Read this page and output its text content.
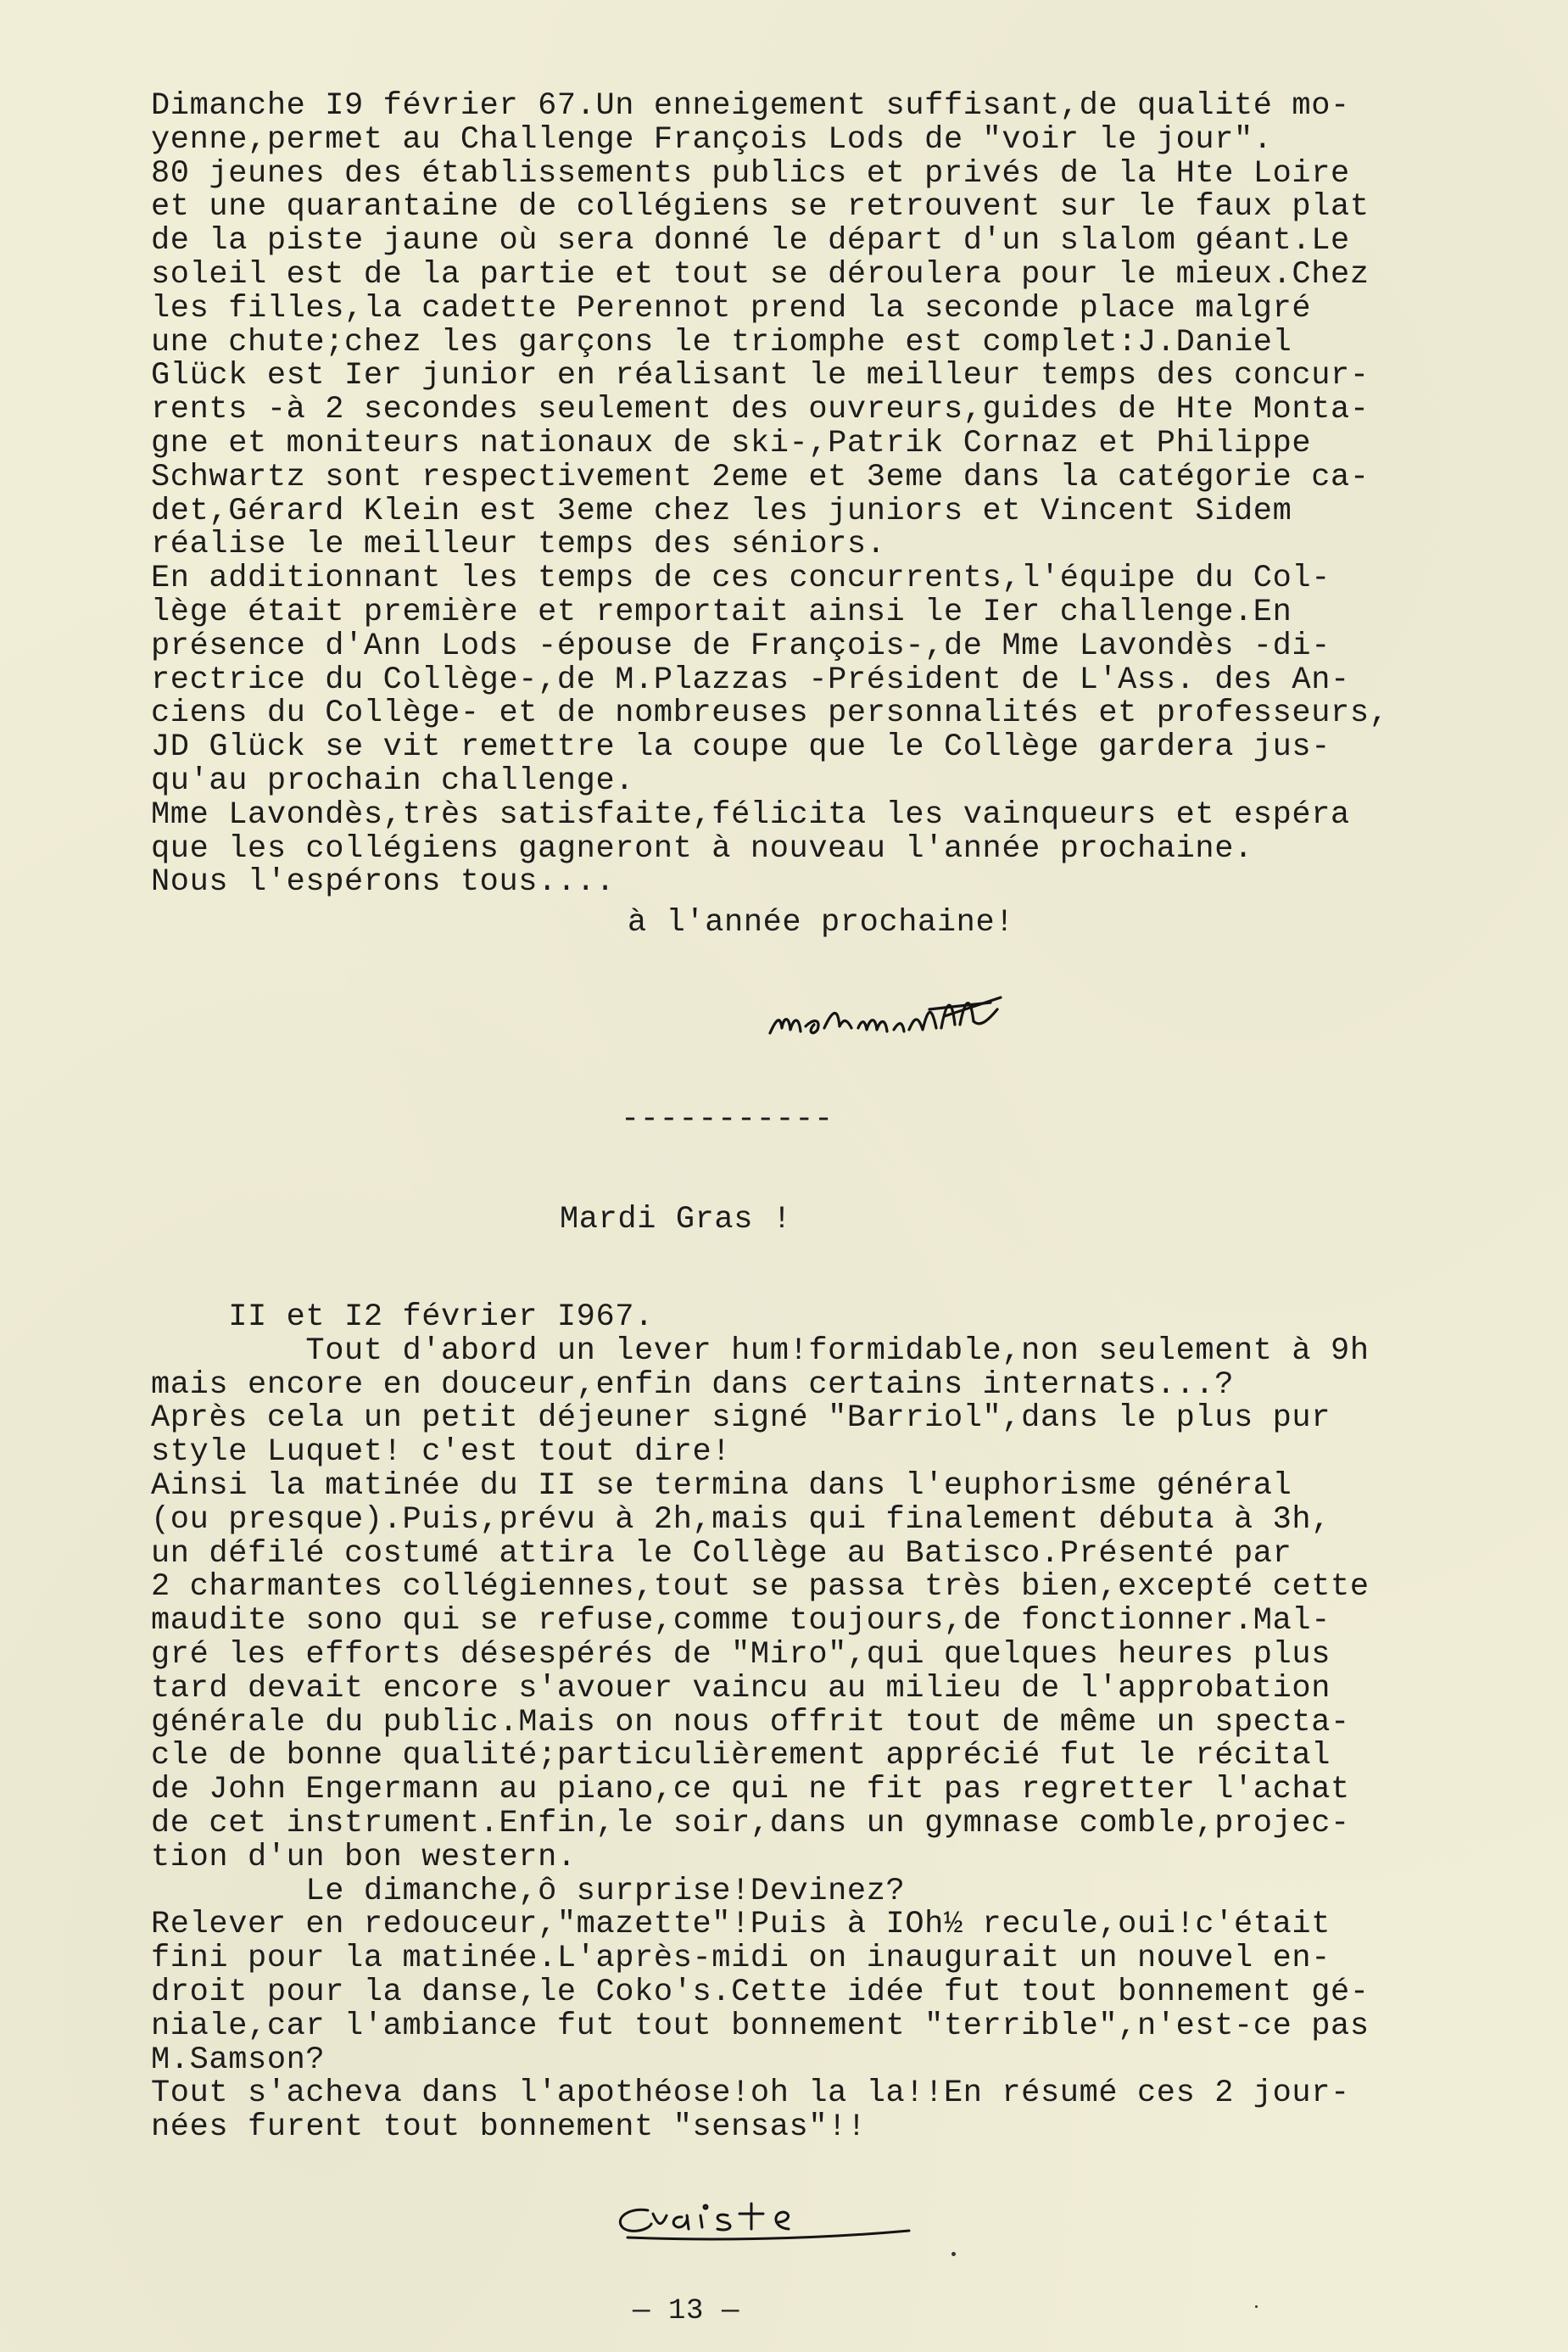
Dimanche I9 février 67.Un enneigement suffisant,de qualité mo-
yenne,permet au Challenge François Lods de "voir le jour".
80 jeunes des établissements publics et privés de la Hte Loire
et une quarantaine de collégiens se retrouvent sur le faux plat
de la piste jaune où sera donné le départ d'un slalom géant.Le
soleil est de la partie et tout se déroulera pour le mieux.Chez
les filles,la cadette Perennot prend la seconde place malgré
une chute;chez les garçons le triomphe est complet:J.Daniel
Glück est Ier junior en réalisant le meilleur temps des concur-
rents -à 2 secondes seulement des ouvreurs,guides de Hte Monta-
gne et moniteurs nationaux de ski-,Patrik Cornaz et Philippe
Schwartz sont respectivement 2eme et 3eme dans la catégorie ca-
det,Gérard Klein est 3eme chez les juniors et Vincent Sidem
réalise le meilleur temps des séniors.
En additionnant les temps de ces concurrents,l'équipe du Col-
lège était première et remportait ainsi le Ier challenge.En
présence d'Ann Lods -épouse de François-,de Mme Lavondès -di-
rectrice du Collège-,de M.Plazzas -Président de L'Ass. des An-
ciens du Collège- et de nombreuses personnalités et professeurs,
JD Glück se vit remettre la coupe que le Collège gardera jus-
qu'au prochain challenge.
Mme Lavondès,très satisfaite,félicita les vainqueurs et espéra
que les collégiens gagneront à nouveau l'année prochaine.
Nous l'espérons tous....
à l'année prochaine!
-----------
Mardi Gras !
II et I2 février I967.
Tout d'abord un lever hum!formidable,non seulement à 9h
mais encore en douceur,enfin dans certains internats...?
Après cela un petit déjeuner signé "Barriol",dans le plus pur
style Luquet! c'est tout dire!
Ainsi la matinée du II se termina dans l'euphorisme général
(ou presque).Puis,prévu à 2h,mais qui finalement débuta à 3h,
un défilé costumé attira le Collège au Batisco.Présenté par
2 charmantes collégiennes,tout se passa très bien,excepté cette
maudite sono qui se refuse,comme toujours,de fonctionner.Mal-
gré les efforts désespérés de "Miro",qui quelques heures plus
tard devait encore s'avouer vaincu au milieu de l'approbation
générale du public.Mais on nous offrit tout de même un specta-
cle de bonne qualité;particulièrement apprécié fut le récital
de John Engermann au piano,ce qui ne fit pas regretter l'achat
de cet instrument.Enfin,le soir,dans un gymnase comble,projec-
tion d'un bon western.
Le dimanche,ô surprise!Devinez?
Relever en redouceur,"mazette"!Puis à IOh½ recule,oui!c'était
fini pour la matinée.L'après-midi on inaugurait un nouvel en-
droit pour la danse,le Coko's.Cette idée fut tout bonnement gé-
niale,car l'ambiance fut tout bonnement "terrible",n'est-ce pas
M.Samson?
Tout s'acheva dans l'apothéose!oh la la!!En résumé ces 2 jour-
nées furent tout bonnement "sensas"!!
— 13 —
